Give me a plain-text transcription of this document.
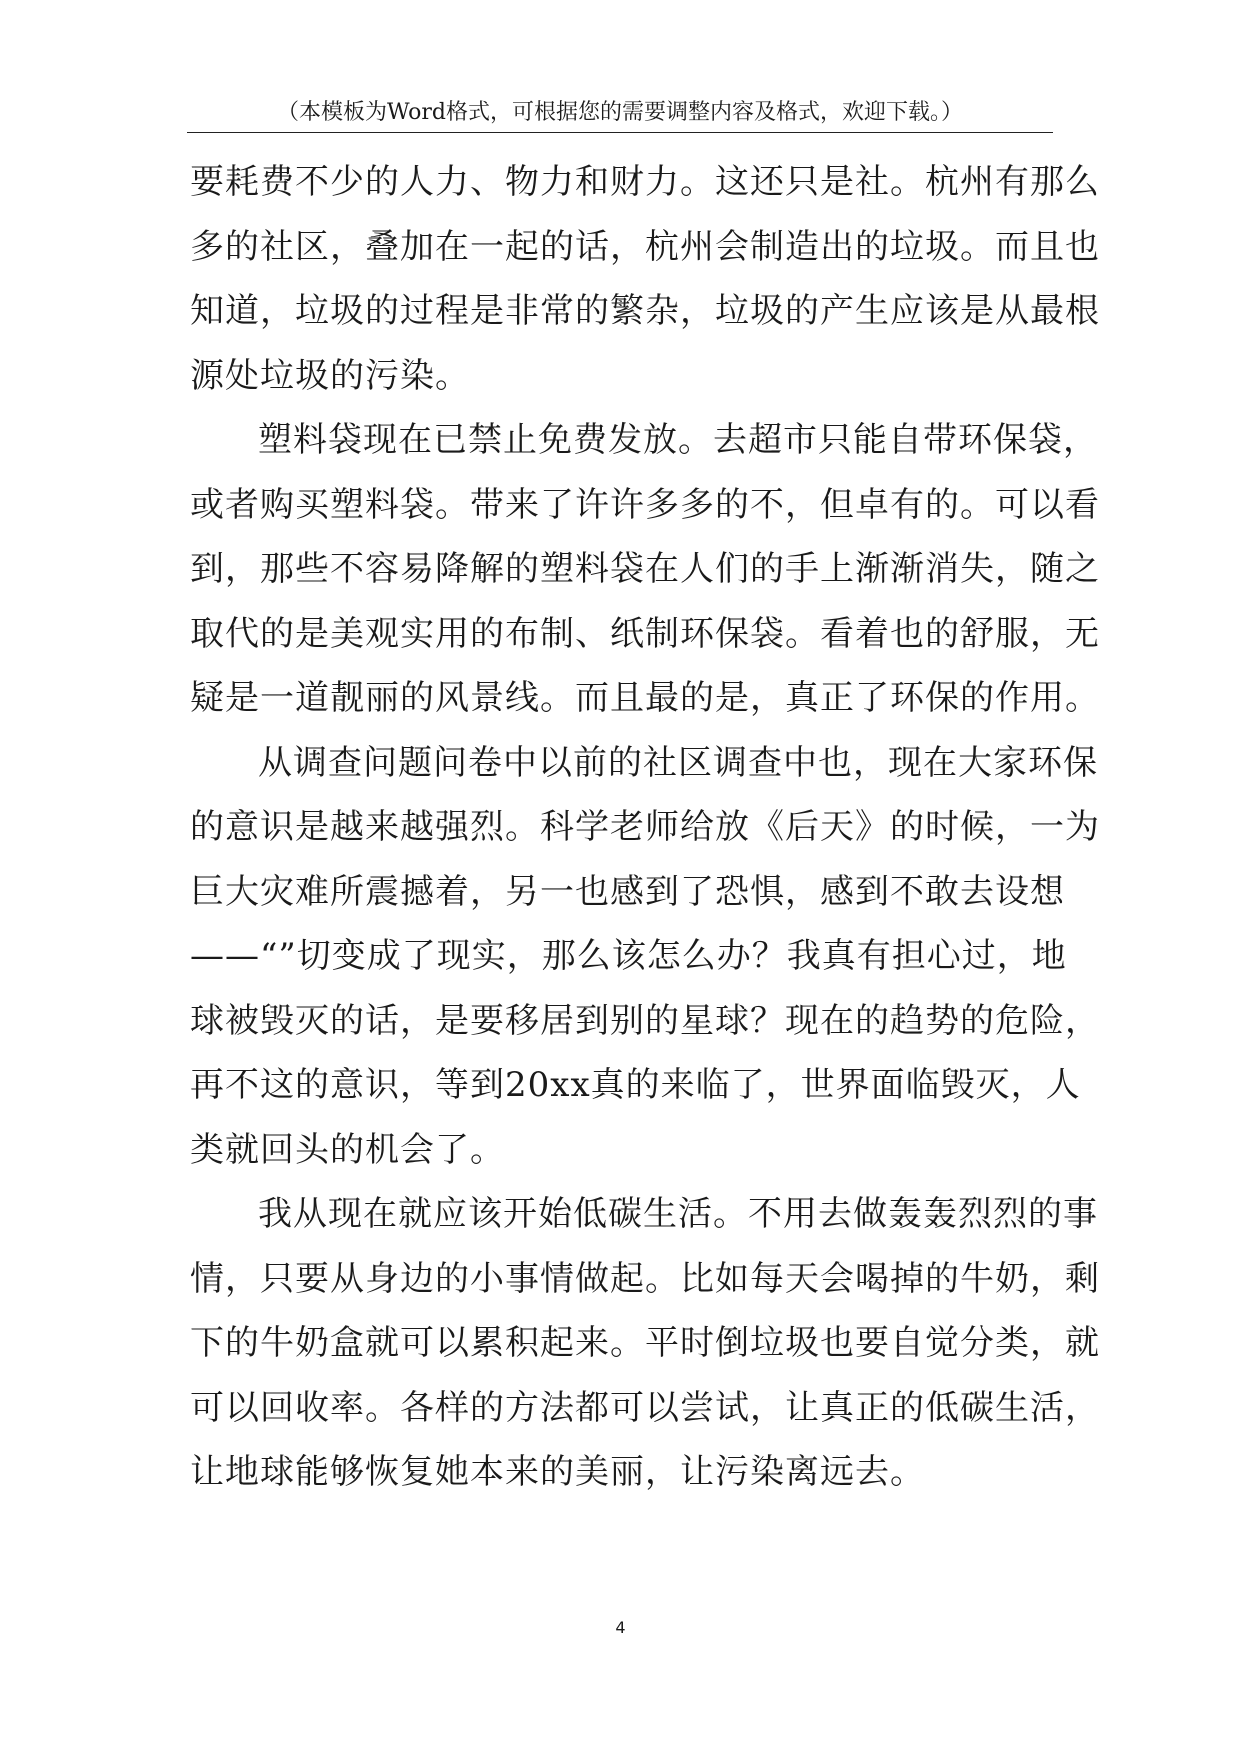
（本模板为Word格式，可根据您的需要调整内容及格式，欢迎下载。）
要耗费不少的人力、物力和财力。这还只是社。杭州有那么
多的社区，叠加在一起的话，杭州会制造出的垃圾。而且也
知道，垃圾的过程是非常的繁杂，垃圾的产生应该是从最根
源处垃圾的污染。
塑料袋现在已禁止免费发放。去超市只能自带环保袋，
或者购买塑料袋。带来了许许多多的不，但卓有的。可以看
到，那些不容易降解的塑料袋在人们的手上渐渐消失，随之
取代的是美观实用的布制、纸制环保袋。看着也的舒服，无
疑是一道靓丽的风景线。而且最的是，真正了环保的作用。
从调查问题问卷中以前的社区调查中也，现在大家环保
的意识是越来越强烈。科学老师给放《后天》的时候，一为
巨大灾难所震撼着，另一也感到了恐惧，感到不敢去设想
——“”切变成了现实，那么该怎么办？我真有担心过，地
球被毁灭的话，是要移居到别的星球？现在的趋势的危险，
再不这的意识，等到20xx真的来临了，世界面临毁灭，人
类就回头的机会了。
我从现在就应该开始低碳生活。不用去做轰轰烈烈的事
情，只要从身边的小事情做起。比如每天会喝掉的牛奶，剩
下的牛奶盒就可以累积起来。平时倒垃圾也要自觉分类，就
可以回收率。各样的方法都可以尝试，让真正的低碳生活，
让地球能够恢复她本来的美丽，让污染离远去。
4
